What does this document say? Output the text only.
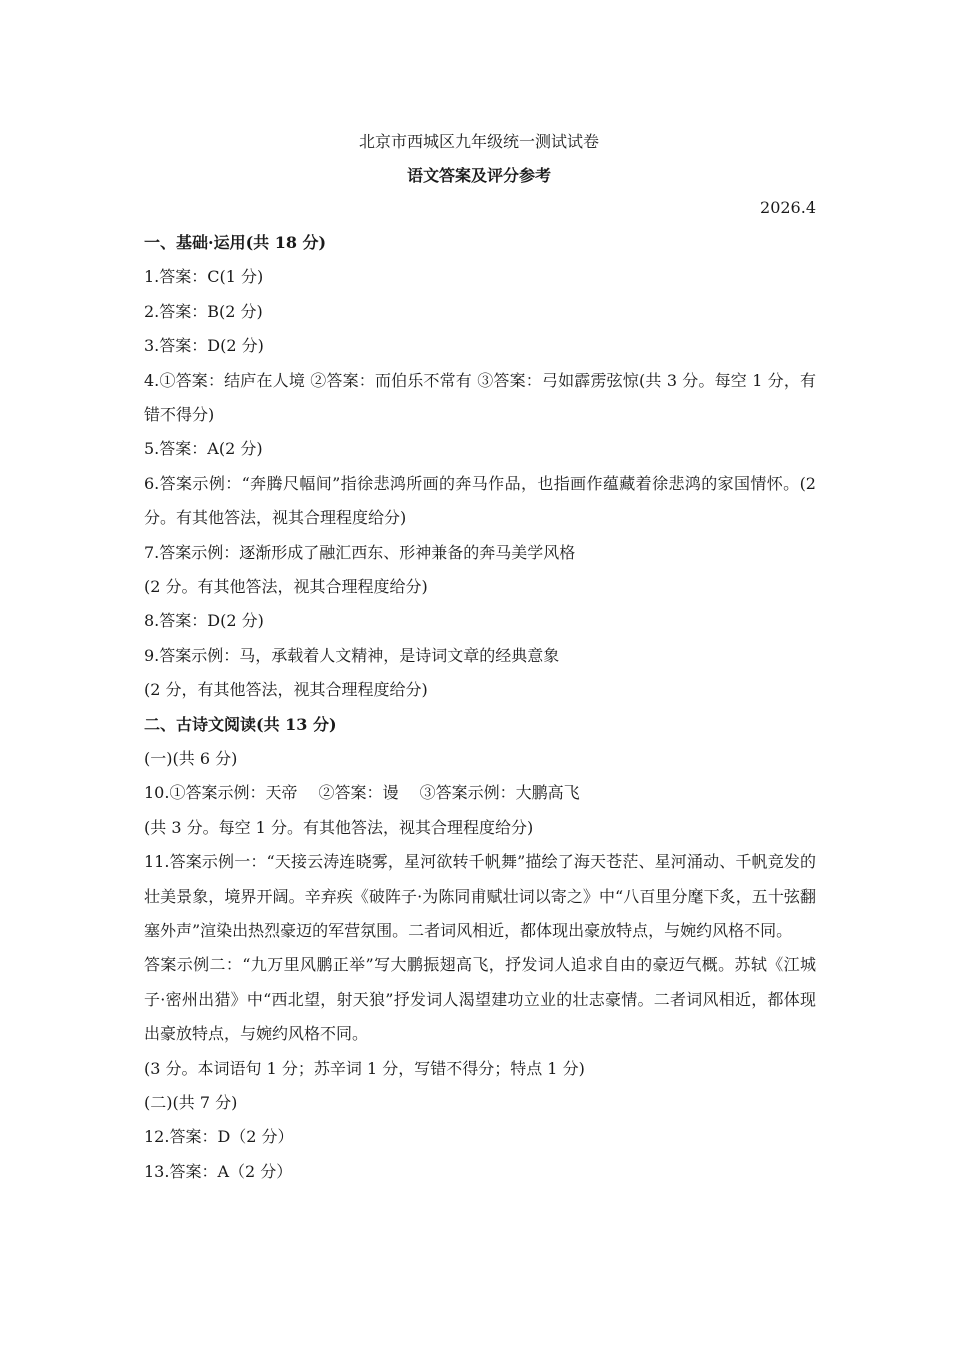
北京市西城区九年级统一测试试卷
语文答案及评分参考
2026.4

一、基础·运用(共 18 分)

1.答案：C(1 分)

2.答案：B(2 分)

3.答案：D(2 分)

4.①答案：结庐在人境 ②答案：而伯乐不常有 ③答案：弓如霹雳弦惊(共 3 分。每空 1 分，有错不得分)

5.答案：A(2 分)

6.答案示例：“奔腾尺幅间”指徐悲鸿所画的奔马作品，也指画作蕴藏着徐悲鸿的家国情怀。(2 分。有其他答法，视其合理程度给分)

7.答案示例：逐渐形成了融汇西东、形神兼备的奔马美学风格

(2 分。有其他答法，视其合理程度给分)

8.答案：D(2 分)

9.答案示例：马，承载着人文精神，是诗词文章的经典意象

(2 分，有其他答法，视其合理程度给分)

二、古诗文阅读(共 13 分)

(一)(共 6 分)

10.①答案示例：天帝　 ②答案：谩　 ③答案示例：大鹏高飞

(共 3 分。每空 1 分。有其他答法，视其合理程度给分)

11.答案示例一：“天接云涛连晓雾，星河欲转千帆舞”描绘了海天苍茫、星河涌动、千帆竞发的壮美景象，境界开阔。辛弃疾《破阵子·为陈同甫赋壮词以寄之》中“八百里分麾下炙，五十弦翻塞外声”渲染出热烈豪迈的军营氛围。二者词风相近，都体现出豪放特点，与婉约风格不同。

答案示例二：“九万里风鹏正举”写大鹏振翅高飞，抒发词人追求自由的豪迈气概。苏轼《江城子·密州出猎》中“西北望，射天狼”抒发词人渴望建功立业的壮志豪情。二者词风相近，都体现出豪放特点，与婉约风格不同。

(3 分。本词语句 1 分；苏辛词 1 分，写错不得分；特点 1 分)

(二)(共 7 分)

12.答案：D（2 分）

13.答案：A（2 分）
